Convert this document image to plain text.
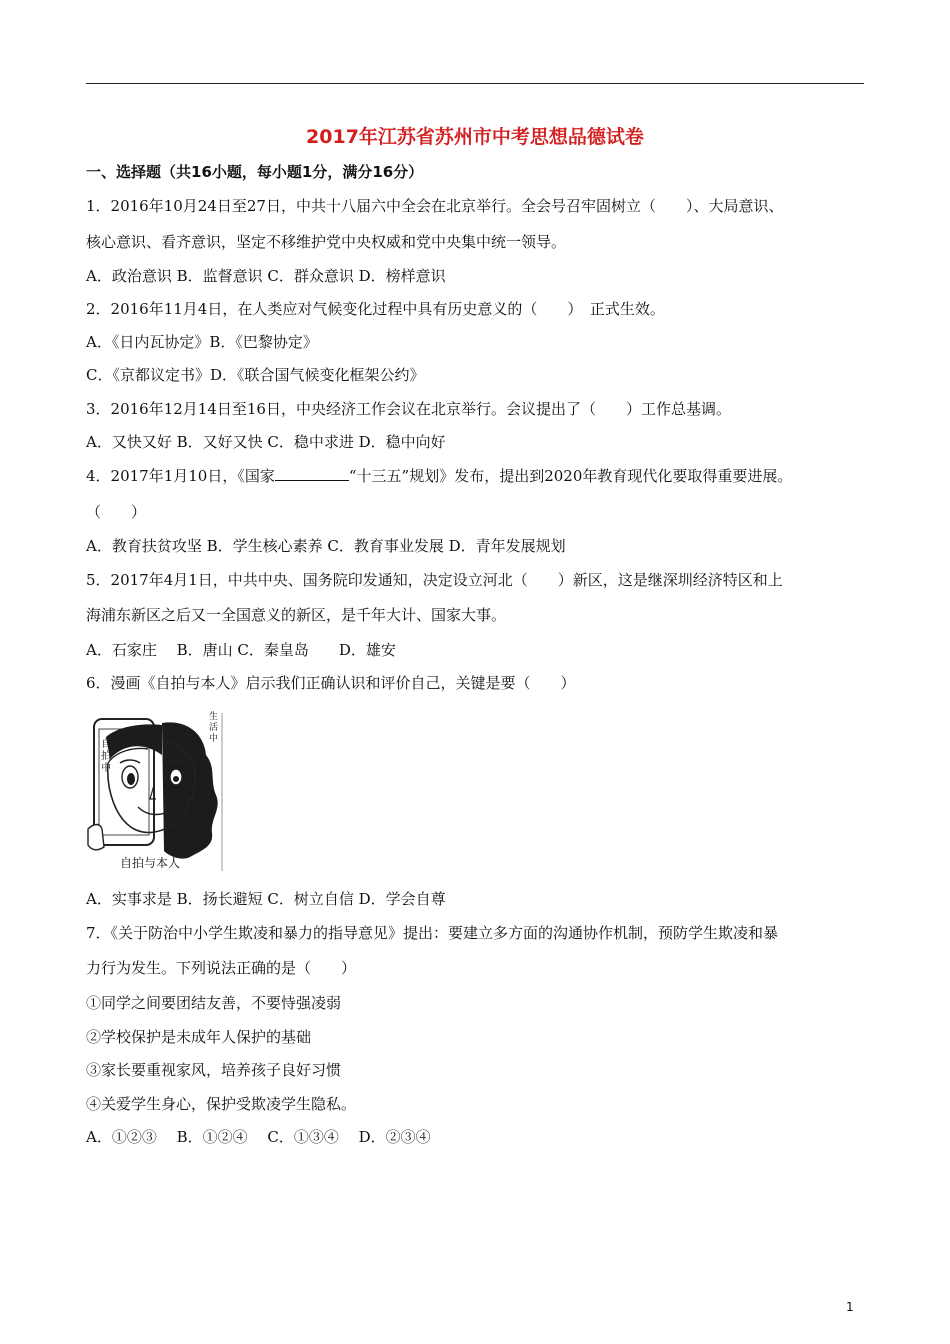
2017年江苏省苏州市中考思想品德试卷
一、选择题（共16小题，每小题1分，满分16分）
1．2016年10月24日至27日，中共十八届六中全会在北京举行。全会号召牢固树立（　　）、大局意识、
核心意识、看齐意识，坚定不移维护党中央权威和党中央集中统一领导。
A．政治意识 B．监督意识 C．群众意识 D．榜样意识
2．2016年11月4日，在人类应对气候变化过程中具有历史意义的（　　）　正式生效。
A．《日内瓦协定》B．《巴黎协定》
C．《京都议定书》D．《联合国气候变化框架公约》
3．2016年12月14日至16日，中央经济工作会议在北京举行。会议提出了（　　）工作总基调。
A．又快又好 B．又好又快 C．稳中求进 D．稳中向好
4．2017年1月10日，《国家	“十三五”规划》发布，提出到2020年教育现代化要取得重要进展。
（　　）
A．教育扶贫攻坚 B．学生核心素养 C．教育事业发展 D．青年发展规划
5．2017年4月1日，中共中央、国务院印发通知，决定设立河北（　　）新区，这是继深圳经济特区和上
海浦东新区之后又一全国意义的新区，是千年大计、国家大事。
A．石家庄　 B．唐山 C．秦皇岛　　D．雄安
6．漫画《自拍与本人》启示我们正确认识和评价自己，关键是要（　　）
自拍中
生活中
自拍与本人
A．实事求是 B．扬长避短 C．树立自信 D．学会自尊
7．《关于防治中小学生欺凌和暴力的指导意见》提出：要建立多方面的沟通协作机制，预防学生欺凌和暴
力行为发生。下列说法正确的是（　　）
①同学之间要团结友善，不要恃强凌弱
②学校保护是未成年人保护的基础
③家长要重视家风，培养孩子良好习惯
④关爱学生身心，保护受欺凌学生隐私。
A．①②③　 B．①②④　 C．①③④　 D．②③④
1
